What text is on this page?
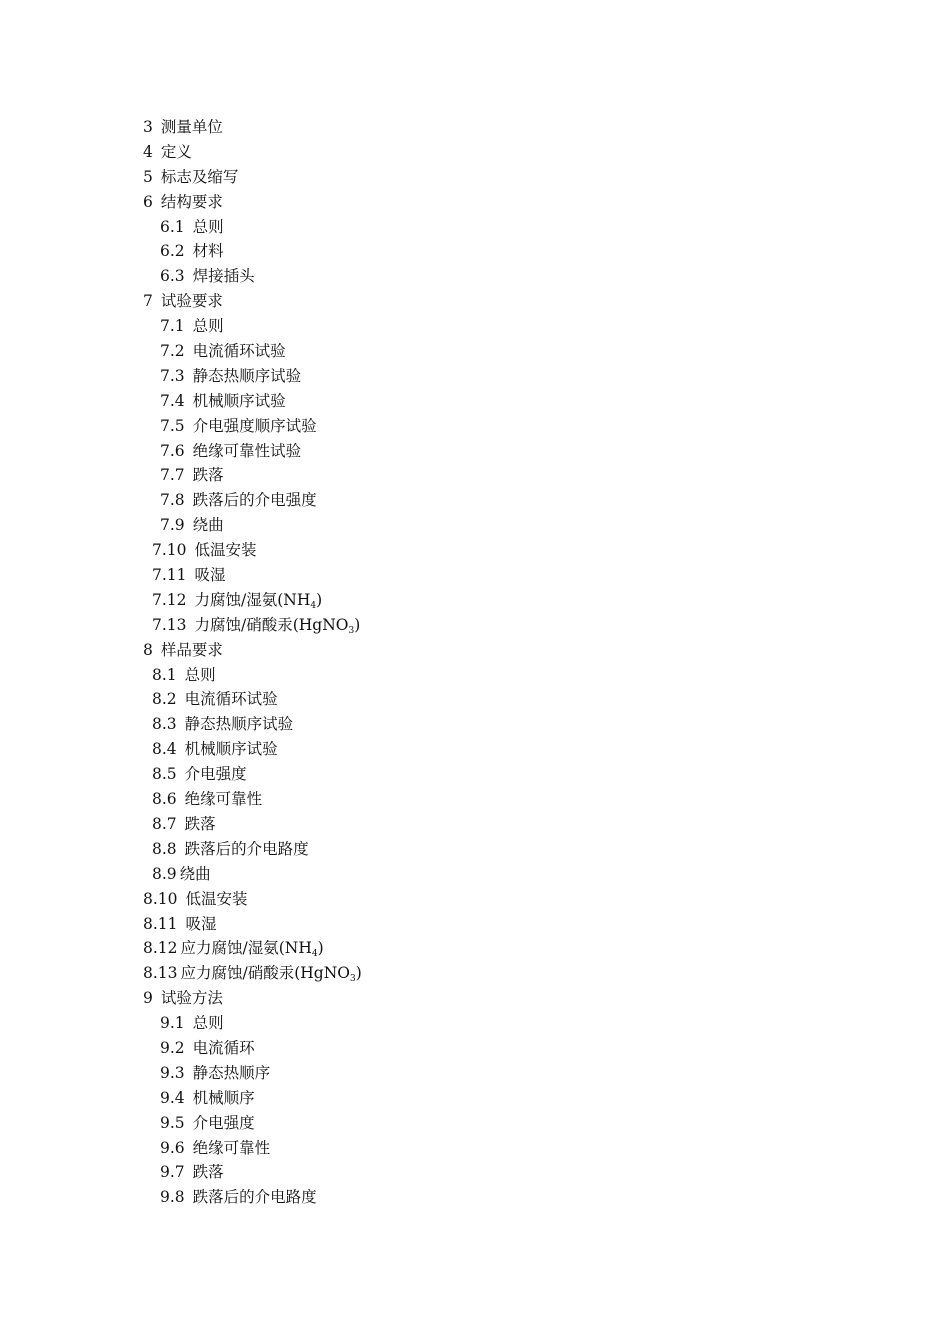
3 测量单位
4 定义
5 标志及缩写
6 结构要求
6.1 总则
6.2 材料
6.3 焊接插头
7 试验要求
7.1 总则
7.2 电流循环试验
7.3 静态热顺序试验
7.4 机械顺序试验
7.5 介电强度顺序试验
7.6 绝缘可靠性试验
7.7 跌落
7.8 跌落后的介电强度
7.9 绕曲
7.10 低温安装
7.11 吸湿
7.12 力腐蚀/湿氨$(NH_4)$
7.13 力腐蚀/硝酸汞(HgNO$_3$)
8 样品要求
8.1 总则
8.2 电流循环试验
8.3 静态热顺序试验
8.4 机械顺序试验
8.5 介电强度
8.6 绝缘可靠性
8.7 跌落
8.8 跌落后的介电路度
8.9 绕曲
8.10 低温安装
8.11 吸湿
8.12 应力腐蚀/湿氨$(NH_4)$
8.13 应力腐蚀/硝酸汞(HgNO$_3$)
9 试验方法
9.1 总则
9.2 电流循环
9.3 静态热顺序
9.4 机械顺序
9.5 介电强度
9.6 绝缘可靠性
9.7 跌落
9.8 跌落后的介电路度
